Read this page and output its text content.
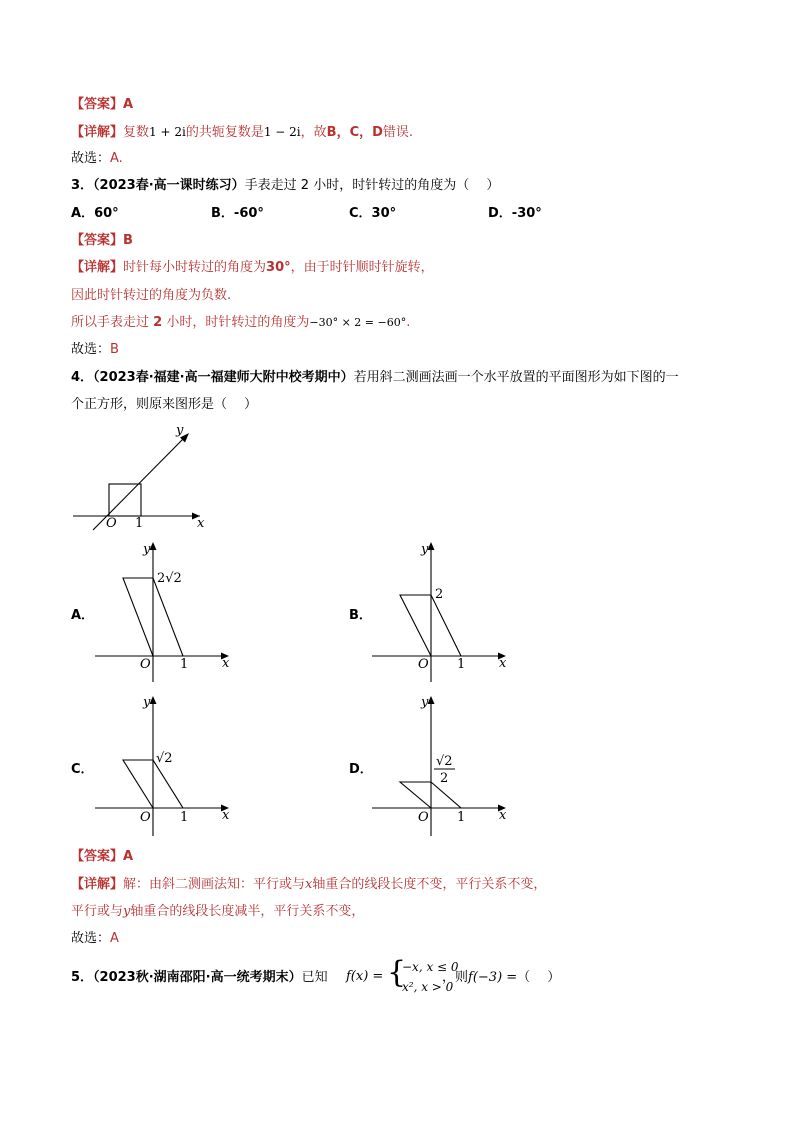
【答案】A
【详解】复数1 + 2i的共轭复数是1 − 2i，故B，C，D错误.
故选：A.
3．（2023春·高一课时练习）手表走过 2 小时，时针转过的角度为（　 ）
A．60°	B．-60°	C．30°	D．-30°
【答案】B
【详解】时针每小时转过的角度为30°，由于时针顺时针旋转，
因此时针转过的角度为负数.
所以手表走过 2 小时，时针转过的角度为−30° × 2 = −60°.
故选：B
4．（2023春·福建·高一福建师大附中校考期中）若用斜二测画法画一个水平放置的平面图形为如下图的一
个正方形，则原来图形是（　 ）
y
x
O 1
A．
y
x
O 1
2√2
B．
y
x
O 1
2
C．
y
x
O 1
√2
D．
y
x
O 1
√2
2
【答案】A
【详解】解：由斜二测画法知：平行或与x轴重合的线段长度不变，平行关系不变，
平行或与y轴重合的线段长度减半，平行关系不变，
故选：A
5．（2023秋·湖南邵阳·高一统考期末）已知 f(x) = {
−x, x ≤ 0
x², x > 0
，则f(−3) =（　 ）
